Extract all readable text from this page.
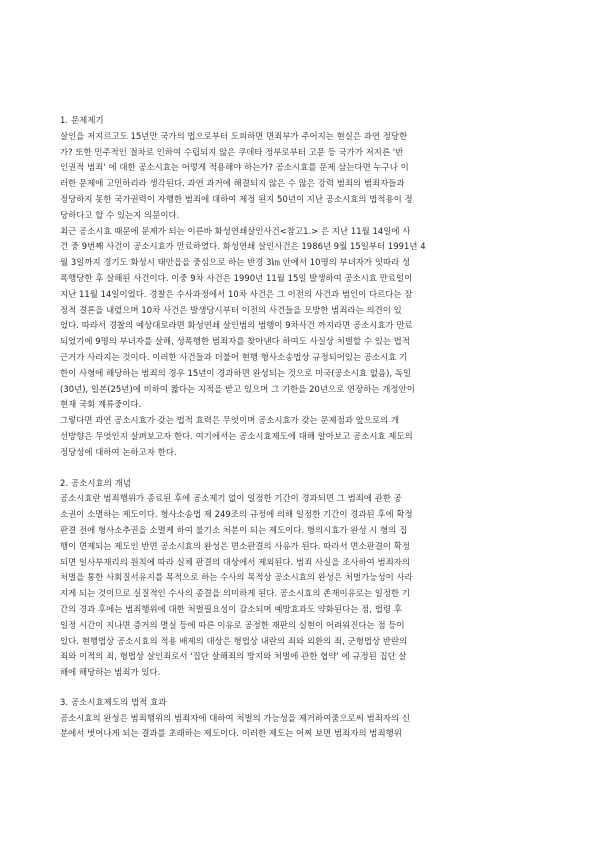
1. 문제제기
살인을 저지르고도 15년만 국가의 법으로부터 도피하면 면죄부가 주어지는 현실은 과연 정당한
가? 또한 민주적인 절차로 인하여 수립되지 않은 쿠데타 정부로부터 고문 등 국가가 저지른 '반
인권적 범죄' 에 대한 공소시효는 어떻게 적용해야 하는가? 공소시효를 문제 삼는다면 누구나 이
러한 문제에 고민하리라 생각된다. 과연 과거에 해결되지 않은 수 많은 강력 범죄의 범죄자들과
정당하지 못한 국가권력이 자행한 범죄에 대하여 제정 된지 50년이 지난 공소시효의 법적용이 정
당하다고 할 수 있는지 의문이다.
최근 공소시효 때문에 문제가 되는 이른바 화성연쇄살인사건<참고1.> 은 지난 11월 14일에 사
건 중 9번째 사건이 공소시효가 만료하였다. 화성연쇄 살인사건은 1986년 9월 15일부터 1991년 4
월 3일까지 경기도 화성시 태안읍을 중심으로 하는 반경 3㎞ 안에서 10명의 부녀자가 잇따라 성
폭행당한 후 살해된 사건이다. 이중 9차 사건은 1990년 11월 15일 발생하여 공소시효 만료일이
지난 11월 14일이었다. 경찰은 수사과정에서 10차 사건은 그 이전의 사건과 범인이 다르다는 잠
정적 결론을 내렸으며 10차 사건은 발생당시부터 이전의 사건들을 모방한 범죄라는 의견이 있
었다. 따라서 경찰의 예상대로라면 화성연쇄 살인범의 범행이 9차사건 까지라면 공소시효가 만료
되었기에 9명의 부녀자를 살해, 성폭행한 범죄자를 찾아낸다 하여도 사실상 처벌할 수 있는 법적
근거가 사라지는 것이다. 이러한 사건들과 더불어 현행 형사소송법상 규정되어있는 공소시효 기
한이 사형에 해당하는 범죄의 경우 15년이 경과하면 완성되는 것으로 미국(공소시효 없음), 독일
(30년), 일본(25년)에 비하여 짧다는 지적을 받고 있으며 그 기한을 20년으로 연장하는 개정안이
현재 국회 계류중이다.
그렇다면 과연 공소시효가 갖는 법적 효력은 무엇이며 공소시효가 갖는 문제점과 앞으로의 개
선방향은 무엇인지 살펴보고자 한다. 여기에서는 공소시효제도에 대해 알아보고 공소시효 제도의
정당성에 대하여 논하고자 한다.
2. 공소시효의 개념
공소시효란 범죄행위가 종료된 후에 공소제기 없이 일정한 기간이 경과되면 그 범죄에 관한 공
소권이 소멸하는 제도이다. 형사소송법 제 249조의 규정에 의해 일정한 기간이 경과된 후에 확정
판결 전에 형사소추권을 소멸케 하여 불기소 처분이 되는 제도이다. 형의시효가 완성 시 형의 집
행이 면제되는 제도인 반면 공소시효의 완성은 면소판결의 사유가 된다. 따라서 면소판결이 확정
되면 일사부재리의 원칙에 따라 실체 판결의 대상에서 제외된다. 범죄 사실을 조사하여 범죄자의
처벌을 통한 사회질서유지를 목적으로 하는 수사의 목적상 공소시효의 완성은 처벌가능성이 사라
지게 되는 것이므로 실질적인 수사의 종결을 의미하게 된다. 공소시효의 존재이유로는 일정한 기
간의 경과 후에는 범죄행위에 대한 처벌필요성이 감소되며 예방효과도 약화된다는 점, 법령 후
일정 시간이 지나면 증거의 멸실 등에 따른 이유로 공정한 재판의 실현이 어려워진다는 점 등이
있다. 현행법상 공소시효의 적용 배제의 대상은 형법상 내란의 죄와 외환의 죄, 군형법상 반란의
죄와 이적의 죄, 형법상 살인죄로서 '집단 살해죄의 방지와 처벌에 관한 협약' 에 규정된 집단 살
해에 해당하는 범죄가 있다.
3. 공소시효제도의 법적 효과
공소시효의 완성은 범죄행위의 범죄자에 대하여 처벌의 가능성을 제거하여줌으로써 범죄자의 신
분에서 벗어나게 되는 결과를 초래하는 제도이다. 이러한 제도는 어찌 보면 범죄자의 범죄행위
